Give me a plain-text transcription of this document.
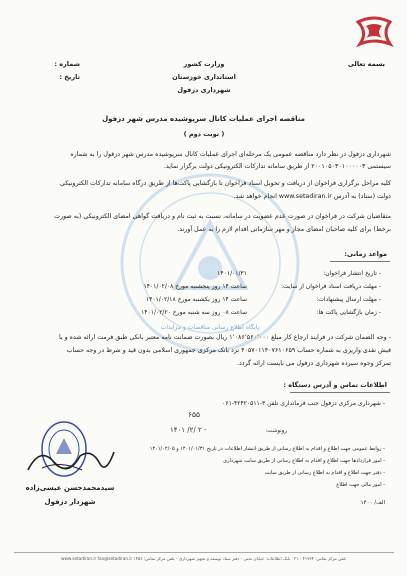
بسمه تعالی
شماره :
تاریخ :
وزارت کشور
استانداری خوزستان
شهرداری دزفول
مناقصه اجرای عملیات کانال سرپوشیده مدرس شهر دزفول
( نوبت دوم )
پایگاه اطلاع رسانی مناقصات و مزایدات
شهرداری دزفول در نظر دارد مناقصه عمومی یک مرحله‌ای اجرای عملیات کانال سرپوشیده مدرس شهر دزفول را به شماره
سیستمی ۲۰۰۱۰۵۰۳۰۱۰۰۰۰۰۳ از طریق سامانه تدارکات الکترونیکی دولت برگزار نماید.
کلیه مراحل برگزاری فراخوان از دریافت و تحویل اسناد فراخوان تا بازگشایی پاکت‌ها از طریق درگاه سامانه تدارکات الکترونیکی
دولت (ستاد) به آدرس www.setadiran.ir انجام خواهد شد.
متقاضیان شرکت در فراخوان در صورت عدم عضویت در سامانه، نسبت به ثبت نام و دریافت گواهی امضای الکترونیکی (به صورت
برخط) برای کلیه صاحبان امضای مجاز و مهر سازمانی اقدام لازم را به عمل آورند.
مواعد زمانی:
- تاریخ انتشار فراخوان:
۱۴۰۱/۰۱/۳۱
- مهلت دریافت اسناد فراخوان از سایت:
ساعت ۱۴ روز پنجشنبه مورخ ۱۴۰۱/۰۲/۰۸
- مهلت ارسال پیشنهادات:
ساعت ۱۴ روز یکشنبه مورخ ۱۴۰۱/۰۲/۱۸
- زمان بازگشایی پاکت ها:
ساعت ۰۸ روز سه شنبه مورخ ۱۴۰۱/۰۲/۲۰
- وجه الضمان شرکت در فرایند ارجاع کار مبلغ ۱٬۰۸۶٬۵۶۰٬۰۰۰ ریال بصورت ضمانت نامه معتبر بانکی طبق فرمت ارائه شده و یا
فیش نقدی واریزی به شماره حساب ۴۰۵۷۰۱۱۴۰۷۶۱۰۶۵۹ نزد بانک مرکزی جمهوری اسلامی بدون قید و شرط در وجه حساب
تمرکز وجوه سپرده شهرداری دزفول می بایست ارائه گردد.
اطلاعات تماس و آدرس دستگاه :
- شهرداری مرکزی دزفول جنب فرمانداری تلفن ۳-۴۲۴۲۰۵۱۱-۰۶۱
۶۵۵
۱۴۰۱ /۲/ ۲ -	رونوشت:
سیدمحمدحسن عیسی‌زاده
شهردار دزفول
- روابط عمومی جهت اطلاع و اقدام به اطلاع رسانی از طریق انتشار اطلاعات در تاریخ ۱۴۰۱/۰۱/۳۱ و ۱۴۰۱/۰۲/۰۵
- امور قراردادها جهت اطلاع و اقدام به اطلاع رسانی از طریق سایت شهرداری
- دفتر جهت اطلاع و اقدام به اطلاع رسانی از طریق سایت
- امور مالی جهت اطلاع
الف/ ۱۴۰۰
www.setadiran.ir fax@setadiran.ir تلفن مرکز تماس: ۴۱۹۳۴ - ۰۲۱ بانک اطلاعات: خیابان تختی - دفتر ستاد توسعه و تجهیز شهرداری - تلفن مرکز تماس: ۱۴۵۶
